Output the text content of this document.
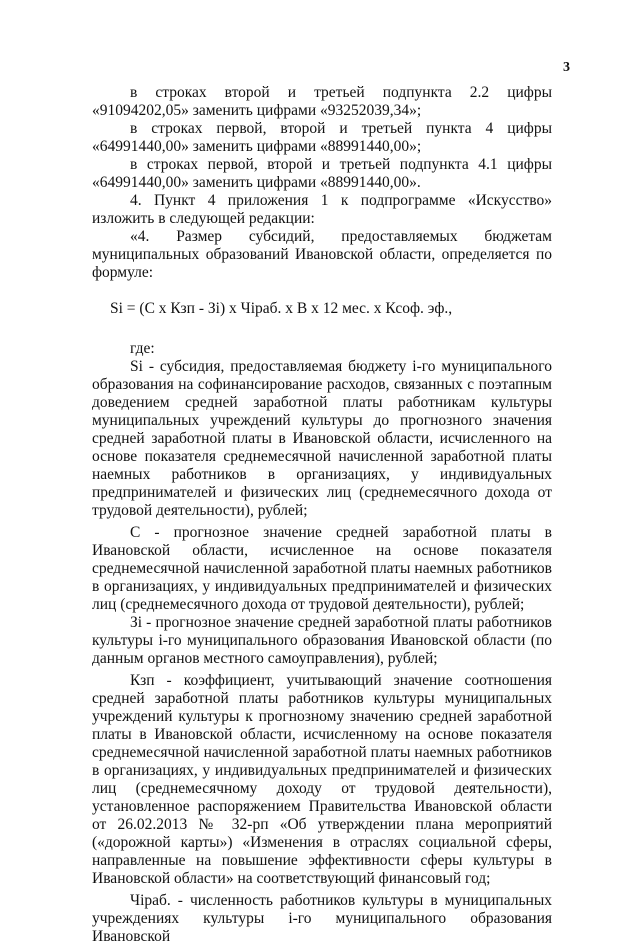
3

в строках второй и третьей подпункта 2.2 цифры «91094202,05» заменить цифрами «93252039,34»;

в строках первой, второй и третьей пункта 4 цифры «64991440,00» заменить цифрами «88991440,00»;

в строках первой, второй и третьей подпункта 4.1 цифры «64991440,00» заменить цифрами «88991440,00».

4. Пункт 4 приложения 1 к подпрограмме «Искусство» изложить в следующей редакции:

«4. Размер субсидий, предоставляемых бюджетам муниципальных образований Ивановской области, определяется по формуле:

Si = (С х Кзп - Зi) х Чiраб. х В х 12 мес. х Ксоф. эф.,

где:

Si - субсидия, предоставляемая бюджету i-го муниципального образования на софинансирование расходов, связанных с поэтапным доведением средней заработной платы работникам культуры муниципальных учреждений культуры до прогнозного значения средней заработной платы в Ивановской области, исчисленного на основе показателя среднемесячной начисленной заработной платы наемных работников в организациях, у индивидуальных предпринимателей и физических лиц (среднемесячного дохода от трудовой деятельности), рублей;

С - прогнозное значение средней заработной платы в Ивановской области, исчисленное на основе показателя среднемесячной начисленной заработной платы наемных работников в организациях, у индивидуальных предпринимателей и физических лиц (среднемесячного дохода от трудовой деятельности), рублей;

Зi - прогнозное значение средней заработной платы работников культуры i-го муниципального образования Ивановской области (по данным органов местного самоуправления), рублей;

Кзп - коэффициент, учитывающий значение соотношения средней заработной платы работников культуры муниципальных учреждений культуры к прогнозному значению средней заработной платы в Ивановской области, исчисленному на основе показателя среднемесячной начисленной заработной платы наемных работников в организациях, у индивидуальных предпринимателей и физических лиц (среднемесячному доходу от трудовой деятельности), установленное распоряжением Правительства Ивановской области от 26.02.2013 № 32-рп «Об утверждении плана мероприятий («дорожной карты») «Изменения в отраслях социальной сферы, направленные на повышение эффективности сферы культуры в Ивановской области» на соответствующий финансовый год;

Чiраб. - численность работников культуры в муниципальных учреждениях культуры i-го муниципального образования Ивановской
